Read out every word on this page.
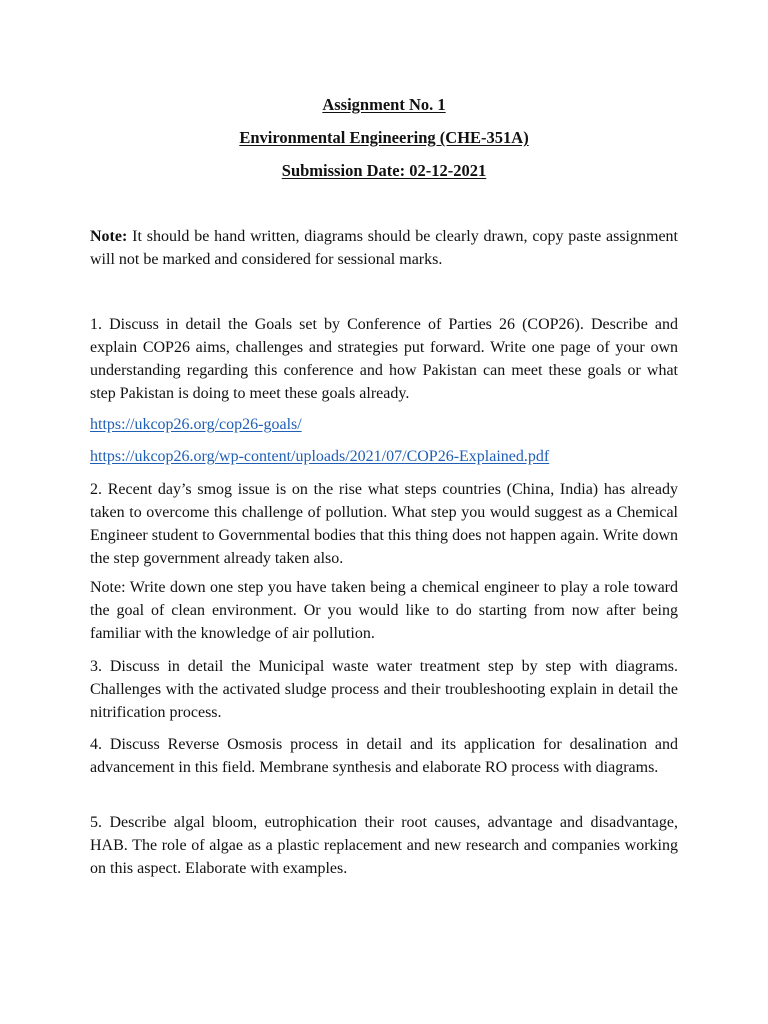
Assignment No. 1
Environmental Engineering (CHE-351A)
Submission Date: 02-12-2021

Note: It should be hand written, diagrams should be clearly drawn, copy paste assignment will not be marked and considered for sessional marks.

1. Discuss in detail the Goals set by Conference of Parties 26 (COP26). Describe and explain COP26 aims, challenges and strategies put forward. Write one page of your own understanding regarding this conference and how Pakistan can meet these goals or what step Pakistan is doing to meet these goals already.

https://ukcop26.org/cop26-goals/
https://ukcop26.org/wp-content/uploads/2021/07/COP26-Explained.pdf

2. Recent day’s smog issue is on the rise what steps countries (China, India) has already taken to overcome this challenge of pollution. What step you would suggest as a Chemical Engineer student to Governmental bodies that this thing does not happen again. Write down the step government already taken also.

Note: Write down one step you have taken being a chemical engineer to play a role toward the goal of clean environment. Or you would like to do starting from now after being familiar with the knowledge of air pollution.

3. Discuss in detail the Municipal waste water treatment step by step with diagrams. Challenges with the activated sludge process and their troubleshooting explain in detail the nitrification process.

4. Discuss Reverse Osmosis process in detail and its application for desalination and advancement in this field. Membrane synthesis and elaborate RO process with diagrams.

5. Describe algal bloom, eutrophication their root causes, advantage and disadvantage, HAB. The role of algae as a plastic replacement and new research and companies working on this aspect. Elaborate with examples.
